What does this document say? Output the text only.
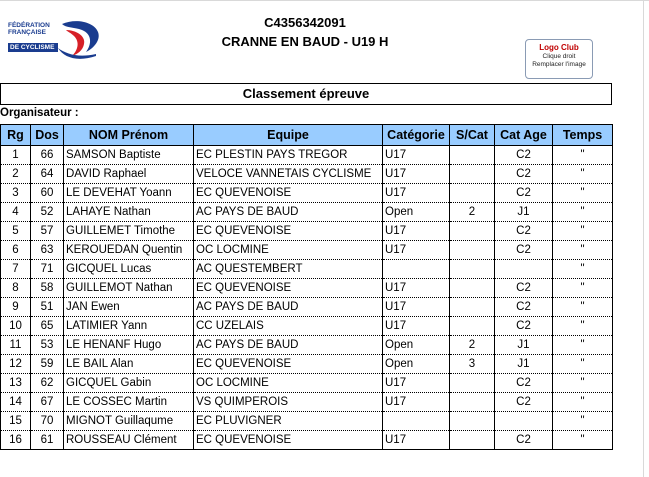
FÉDÉRATION
FRANÇAISE
DE CYCLISME
C4356342091
CRANNE EN BAUD - U19 H	Logo Club
Clique droit
Remplacer l'image
Classement épreuve
Organisateur :
Rg	Dos	NOM Prénom	Equipe	Catégorie	S/Cat	Cat Age	Temps
1	66	SAMSON Baptiste	EC PLESTIN PAYS TREGOR	U17		C2	"
2	64	DAVID Raphael	VELOCE VANNETAIS CYCLISME	U17		C2	"
3	60	LE DEVEHAT Yoann	EC QUEVENOISE	U17		C2	"
4	52	LAHAYE Nathan	AC PAYS DE BAUD	Open	2	J1	"
5	57	GUILLEMET Timothe	EC QUEVENOISE	U17		C2	"
6	63	KEROUEDAN Quentin	OC LOCMINE	U17		C2	"
7	71	GICQUEL Lucas	AC QUESTEMBERT				"
8	58	GUILLEMOT Nathan	EC QUEVENOISE	U17		C2	"
9	51	JAN Ewen	AC PAYS DE BAUD	U17		C2	"
10	65	LATIMIER Yann	CC UZELAIS	U17		C2	"
11	53	LE HENANF Hugo	AC PAYS DE BAUD	Open	2	J1	"
12	59	LE BAIL Alan	EC QUEVENOISE	Open	3	J1	"
13	62	GICQUEL Gabin	OC LOCMINE	U17		C2	"
14	67	LE COSSEC Martin	VS QUIMPEROIS	U17		C2	"
15	70	MIGNOT Guillaqume	EC PLUVIGNER				"
16	61	ROUSSEAU Clément	EC QUEVENOISE	U17		C2	"
